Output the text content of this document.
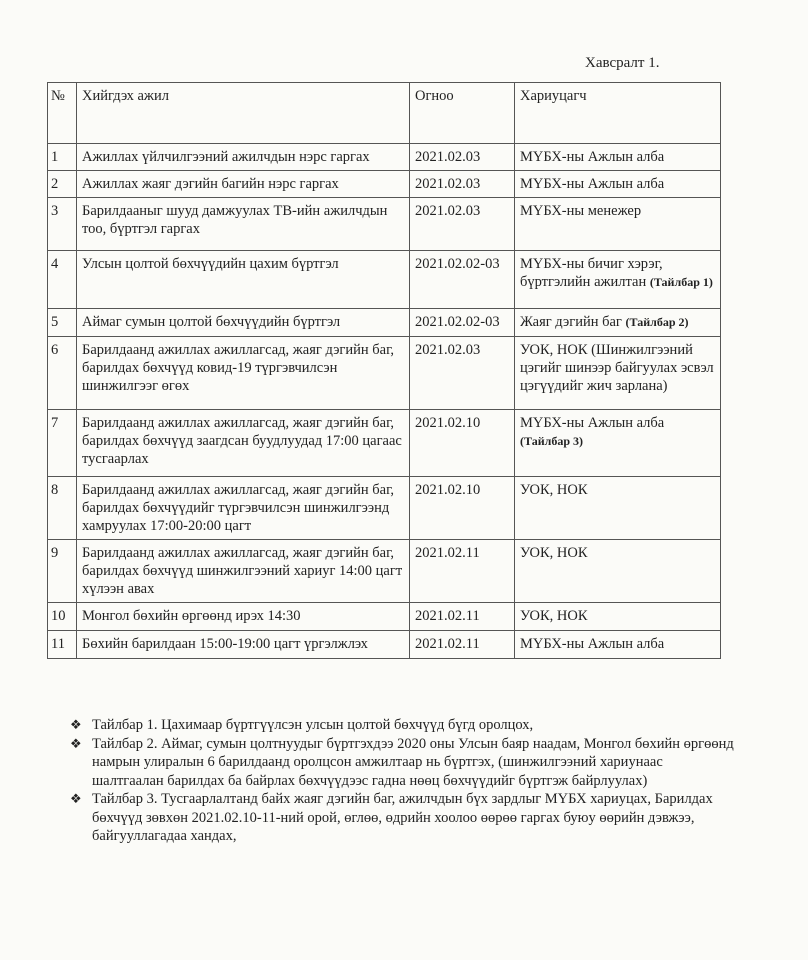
Хавсралт 1.
№	Хийгдэх ажил	Огноо	Хариуцагч
1	Ажиллах үйлчилгээний ажилчдын нэрс гаргах	2021.02.03	МҮБХ-ны Ажлын алба
2	Ажиллах жаяг дэгийн багийн нэрс гаргах	2021.02.03	МҮБХ-ны Ажлын алба
3	Барилдааныг шууд дамжуулах ТВ-ийн ажилчдын тоо, бүртгэл гаргах	2021.02.03	МҮБХ-ны менежер
4	Улсын цолтой бөхчүүдийн цахим бүртгэл	2021.02.02-03	МҮБХ-ны бичиг хэрэг, бүртгэлийн ажилтан (Тайлбар 1)
5	Аймаг сумын цолтой бөхчүүдийн бүртгэл	2021.02.02-03	Жаяг дэгийн баг (Тайлбар 2)
6	Барилдаанд ажиллах ажиллагсад, жаяг дэгийн баг, барилдах бөхчүүд ковид-19 түргэвчилсэн шинжилгээг өгөх	2021.02.03	УОК, НОК (Шинжилгээний цэгийг шинээр байгуулах эсвэл цэгүүдийг жич зарлана)
7	Барилдаанд ажиллах ажиллагсад, жаяг дэгийн баг, барилдах бөхчүүд заагдсан буудлуудад 17:00 цагаас тусгаарлах	2021.02.10	МҮБХ-ны Ажлын алба (Тайлбар 3)
8	Барилдаанд ажиллах ажиллагсад, жаяг дэгийн баг, барилдах бөхчүүдийг түргэвчилсэн шинжилгээнд хамруулах 17:00-20:00 цагт	2021.02.10	УОК, НОК
9	Барилдаанд ажиллах ажиллагсад, жаяг дэгийн баг, барилдах бөхчүүд шинжилгээний хариуг 14:00 цагт хүлээн авах	2021.02.11	УОК, НОК
10	Монгол бөхийн өргөөнд ирэх 14:30	2021.02.11	УОК, НОК
11	Бөхийн барилдаан 15:00-19:00 цагт үргэлжлэх	2021.02.11	МҮБХ-ны Ажлын алба
❖ Тайлбар 1. Цахимаар бүртгүүлсэн улсын цолтой бөхчүүд бүгд оролцох,
❖ Тайлбар 2. Аймаг, сумын цолтнуудыг бүртгэхдээ 2020 оны Улсын баяр наадам, Монгол бөхийн өргөөнд намрын улиралын 6 барилдаанд оролцсон амжилтаар нь бүртгэх, (шинжилгээний хариунаас шалтгаалан барилдах ба байрлах бөхчүүдээс гадна нөөц бөхчүүдийг бүртгэж байрлуулах)
❖ Тайлбар 3. Тусгаарлалтанд байх жаяг дэгийн баг, ажилчдын бүх зардлыг МҮБХ хариуцах, Барилдах бөхчүүд зөвхөн 2021.02.10-11-ний орой, өглөө, өдрийн хоолоо өөрөө гаргах буюу өөрийн дэвжээ, байгууллагадаа хандах,
